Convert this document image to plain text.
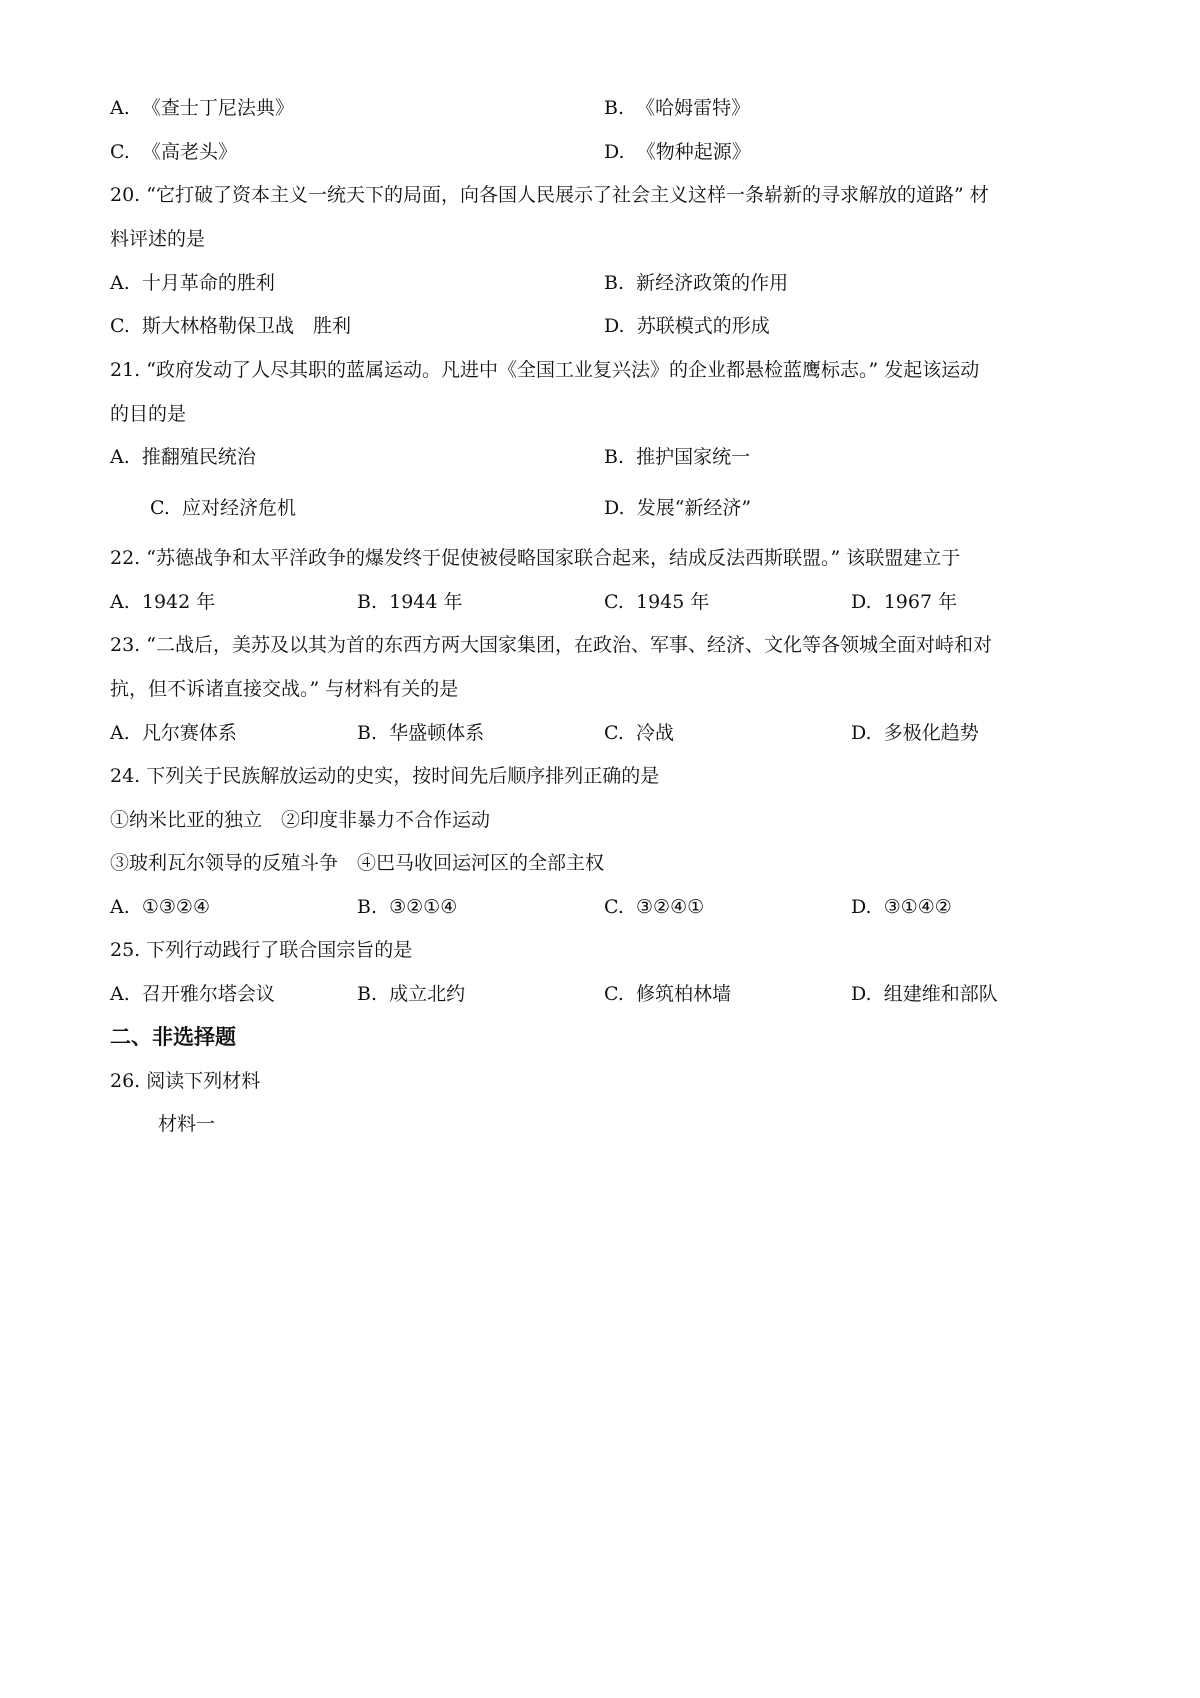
A. 《查士丁尼法典》	B. 《哈姆雷特》
C. 《高老头》	D. 《物种起源》
20. “它打破了资本主义一统天下的局面，向各国人民展示了社会主义这样一条崭新的寻求解放的道路” 材
料评述的是
A. 十月革命的胜利	B. 新经济政策的作用
C. 斯大林格勒保卫战　胜利	D. 苏联模式的形成
21. “政府发动了人尽其职的蓝属运动。凡进中《全国工业复兴法》的企业都悬检蓝鹰标志。” 发起该运动
的目的是
A. 推翻殖民统治	B. 推护国家统一
C. 应对经济危机	D. 发展“新经济”
22. “苏德战争和太平洋政争的爆发终于促使被侵略国家联合起来，结成反法西斯联盟。” 该联盟建立于
A. 1942 年	B. 1944 年	C. 1945 年	D. 1967 年
23. “二战后，美苏及以其为首的东西方两大国家集团，在政治、军事、经济、文化等各领城全面对峙和对
抗，但不诉诸直接交战。” 与材料有关的是
A. 凡尔赛体系	B. 华盛顿体系	C. 冷战	D. 多极化趋势
24. 下列关于民族解放运动的史实，按时间先后顺序排列正确的是
①纳米比亚的独立　②印度非暴力不合作运动
③玻利瓦尔领导的反殖斗争　④巴马收回运河区的全部主权
A. ①③②④	B. ③②①④	C. ③②④①	D. ③①④②
25. 下列行动践行了联合国宗旨的是
A. 召开雅尔塔会议	B. 成立北约	C. 修筑柏林墙	D. 组建维和部队
二、非选择题
26. 阅读下列材料
材料一
